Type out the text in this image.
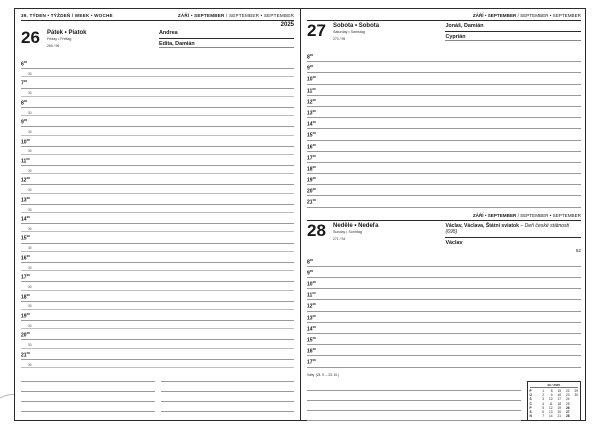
39. TÝDEN • TÝŽDEŇ / WEEK • WOCHE	ZÁŘÍ • SEPTEMBER / SEPTEMBER • SEPTEMBER
2025
26	Pátek • Piatok
Friday • Freitag
269 / 96
Andrea
Edita, Damián
$6^{00}$
30
$7^{00}$
30
$8^{00}$
30
$9^{00}$
30
$10^{00}$
30
$11^{00}$
30
$12^{00}$
30
$13^{00}$
30
$14^{00}$
30
$15^{00}$
30
$16^{00}$
30
$17^{00}$
30
$18^{00}$
30
$19^{00}$
30
$20^{00}$
30
$21^{00}$
30
ZÁŘÍ • SEPTEMBER / SEPTEMBER • SEPTEMBER
27	Sobota • Sobota
Saturday • Samstag
270 / 95
Jonáš, Damián
Cyprián
$8^{00}$
$9^{00}$
$10^{00}$
$11^{00}$
$12^{00}$
$13^{00}$
$14^{00}$
$15^{00}$
$16^{00}$
$17^{00}$
$18^{00}$
$19^{00}$
$20^{00}$
$21^{00}$
ZÁŘÍ • SEPTEMBER / SEPTEMBER • SEPTEMBER
28	Neděle • Nedeľa
Sunday • Sonntag
271 / 94
Václav, Václava, Štátni sviatok – Deň české státnosti (695)
Václav
52
$8^{00}$
$9^{00}$
$10^{00}$
$11^{00}$
$12^{00}$
$13^{00}$
$14^{00}$
$15^{00}$
$16^{00}$
$17^{00}$
Váhy (24. 9. – 23. 10.)
09 / 2025
P	1	8	15	22	29
Ú	2	9	16	23	30
S	3	10	17	24
Č	4	11	18	25
P	5	12	19	26
S	6	13	20	27
N	7	14	21	28
